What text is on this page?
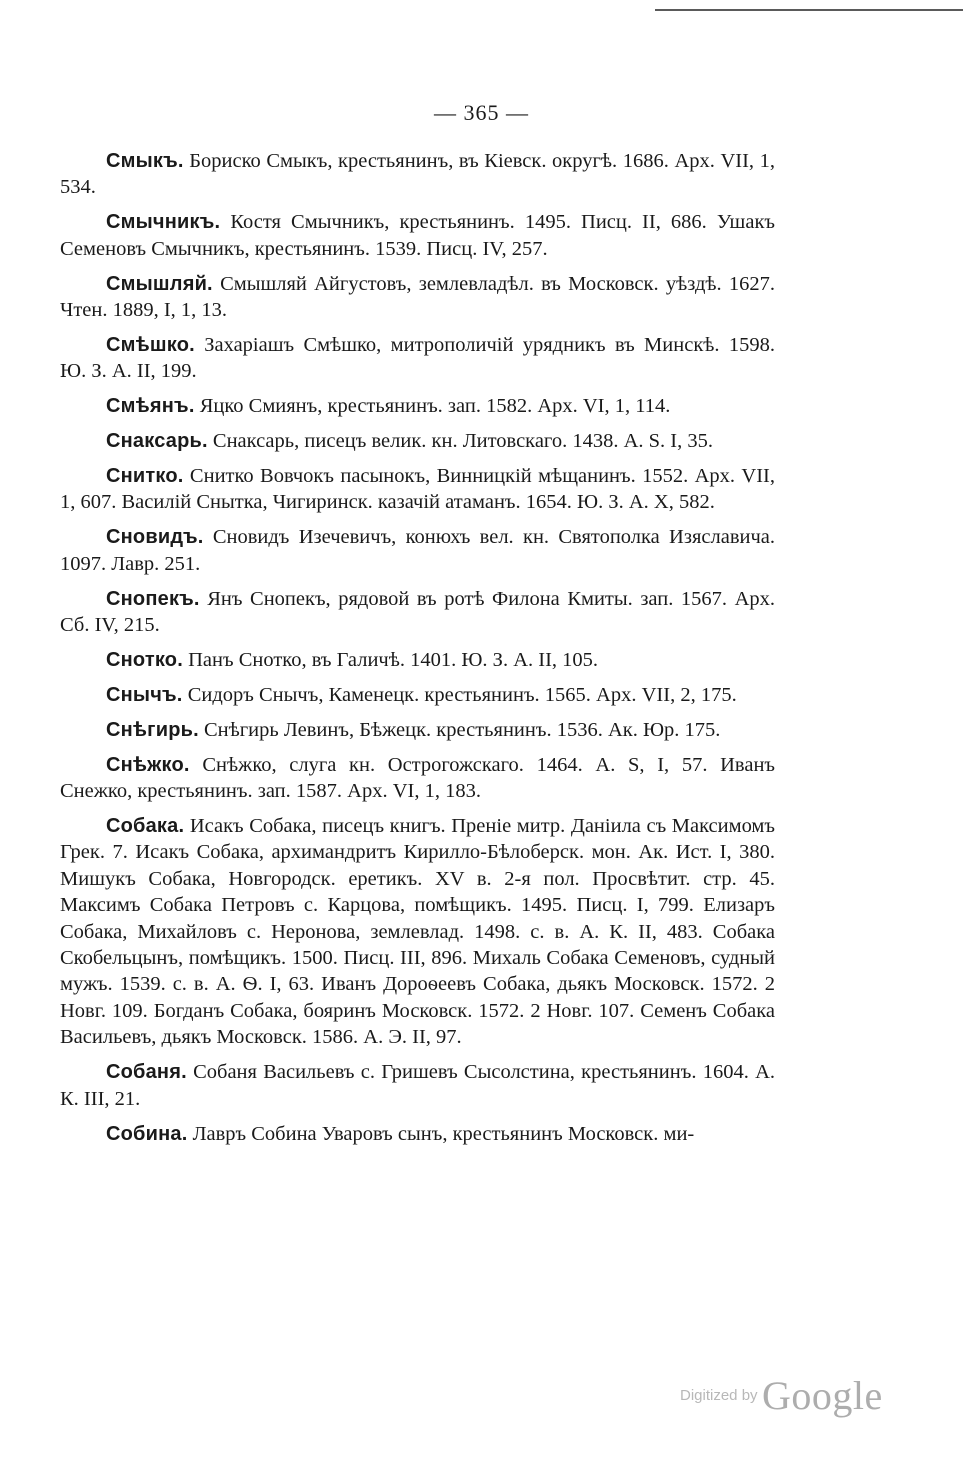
— 365 —

Смыкъ. Бориско Смыкъ, крестьянинъ, въ Кіевск. округѣ. 1686. Арх. VII, 1, 534.

Смычникъ. Костя Смычникъ, крестьянинъ. 1495. Писц. II, 686. Ушакъ Семеновъ Смычникъ, крестьянинъ. 1539. Писц. IV, 257.

Смышляй. Смышляй Айгустовъ, землевладѣл. въ Московск. уѣздѣ. 1627. Чтен. 1889, I, 1, 13.

Смѣшко. Захаріашъ Смѣшко, митрополичій урядникъ въ Минскѣ. 1598. Ю. З. А. II, 199.

Смѣянъ. Яцко Смиянъ, крестьянинъ. зап. 1582. Арх. VI, 1, 114.

Снаксарь. Снаксарь, писецъ велик. кн. Литовскаго. 1438. A. S. I, 35.

Снитко. Снитко Вовчокъ пасынокъ, Винницкій мѣщанинъ. 1552. Арх. VII, 1, 607. Василій Снытка, Чигиринск. казачій атаманъ. 1654. Ю. З. А. X, 582.

Сновидъ. Сновидъ Изечевичъ, конюхъ вел. кн. Святополка Изяславича. 1097. Лавр. 251.

Снопекъ. Янъ Снопекъ, рядовой въ ротѣ Филона Кмиты. зап. 1567. Арх. Сб. IV, 215.

Снотко. Панъ Снотко, въ Галичѣ. 1401. Ю. З. А. II, 105.

Снычъ. Сидоръ Снычъ, Каменецк. крестьянинъ. 1565. Арх. VII, 2, 175.

Снѣгирь. Снѣгирь Левинъ, Бѣжецк. крестьянинъ. 1536. Ак. Юр. 175.

Снѣжко. Снѣжко, слуга кн. Острогожскаго. 1464. A. S, I, 57. Иванъ Снежко, крестьянинъ. зап. 1587. Арх. VI, 1, 183.

Собака. Исакъ Собака, писецъ книгъ. Преніе митр. Даніила съ Максимомъ Грек. 7. Исакъ Собака, архимандритъ Кирилло-Бѣлоберск. мон. Ак. Ист. I, 380. Мишукъ Собака, Новгородск. еретикъ. XV в. 2-я пол. Просвѣтит. стр. 45. Максимъ Собака Петровъ с. Карцова, помѣщикъ. 1495. Писц. I, 799. Елизаръ Собака, Михайловъ с. Неронова, землевлад. 1498. с. в. А. К. II, 483. Собака Скобельцынъ, помѣщикъ. 1500. Писц. III, 896. Михаль Собака Семеновъ, судный мужъ. 1539. с. в. А. Ѳ. I, 63. Иванъ Дороѳеевъ Собака, дьякъ Московск. 1572. 2 Новг. 109. Богданъ Собака, бояринъ Московск. 1572. 2 Новг. 107. Семенъ Собака Васильевъ, дьякъ Московск. 1586. А. Э. II, 97.

Собаня. Собаня Васильевъ с. Гришевъ Сысолстина, крестьянинъ. 1604. А. К. III, 21.

Собина. Лавръ Собина Уваровъ сынъ, крестьянинъ Московск. ми-

Digitized by Google
